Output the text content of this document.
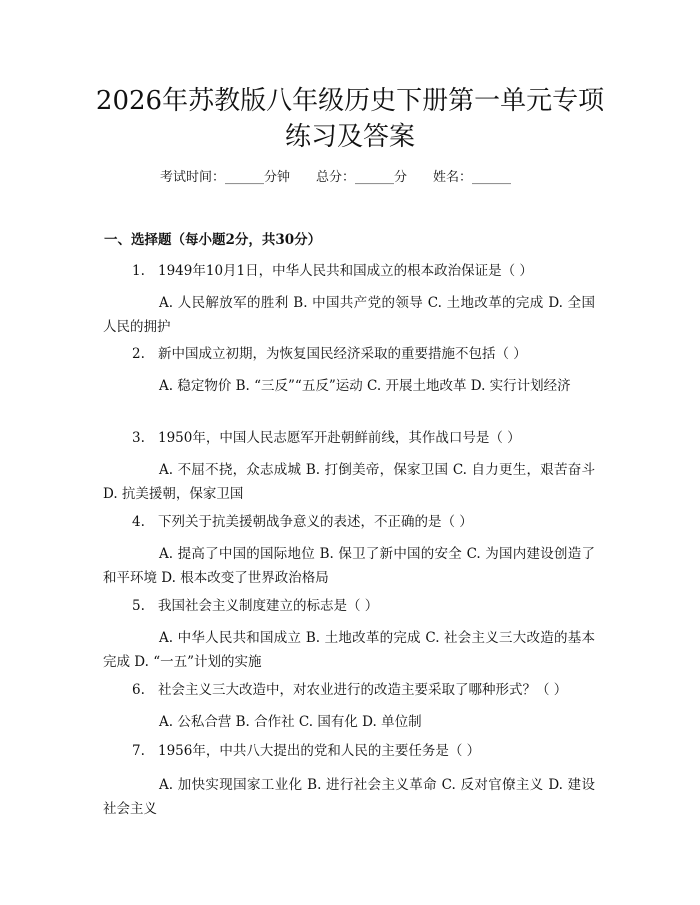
2026年苏教版八年级历史下册第一单元专项
练习及答案
考试时间：______分钟 总分：______分 姓名：______
一、选择题（每小题2分，共30分）
1. 1949年10月1日，中华人民共和国成立的根本政治保证是（ ）
A. 人民解放军的胜利 B. 中国共产党的领导 C. 土地改革的完成 D. 全国人民的拥护
2. 新中国成立初期，为恢复国民经济采取的重要措施不包括（ ）
A. 稳定物价 B. “三反”“五反”运动 C. 开展土地改革 D. 实行计划经济
3. 1950年，中国人民志愿军开赴朝鲜前线，其作战口号是（ ）
A. 不屈不挠，众志成城 B. 打倒美帝，保家卫国 C. 自力更生，艰苦奋斗 D. 抗美援朝，保家卫国
4. 下列关于抗美援朝战争意义的表述，不正确的是（ ）
A. 提高了中国的国际地位 B. 保卫了新中国的安全 C. 为国内建设创造了和平环境 D. 根本改变了世界政治格局
5. 我国社会主义制度建立的标志是（ ）
A. 中华人民共和国成立 B. 土地改革的完成 C. 社会主义三大改造的基本完成 D. “一五”计划的实施
6. 社会主义三大改造中，对农业进行的改造主要采取了哪种形式？（ ）
A. 公私合营 B. 合作社 C. 国有化 D. 单位制
7. 1956年，中共八大提出的党和人民的主要任务是（ ）
A. 加快实现国家工业化 B. 进行社会主义革命 C. 反对官僚主义 D. 建设社会主义
